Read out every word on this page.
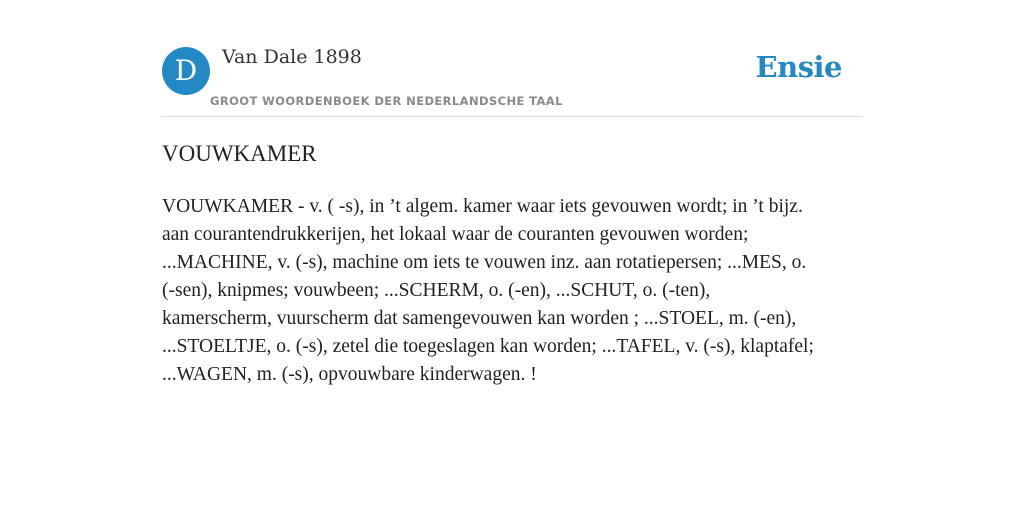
D	Van Dale 1898
GROOT WOORDENBOEK DER NEDERLANDSCHE TAAL
Ensie
VOUWKAMER
VOUWKAMER - v. ( -s), in ’t algem. kamer waar iets gevouwen wordt; in ’t bijz.
aan courantendrukkerijen, het lokaal waar de couranten gevouwen worden;
...MACHINE, v. (-s), machine om iets te vouwen inz. aan rotatiepersen; ...MES, o.
(-sen), knipmes; vouwbeen; ...SCHERM, o. (-en), ...SCHUT, o. (-ten),
kamerscherm, vuurscherm dat samengevouwen kan worden ; ...STOEL, m. (-en),
...STOELTJE, o. (-s), zetel die toegeslagen kan worden; ...TAFEL, v. (-s), klaptafel;
...WAGEN, m. (-s), opvouwbare kinderwagen. !
